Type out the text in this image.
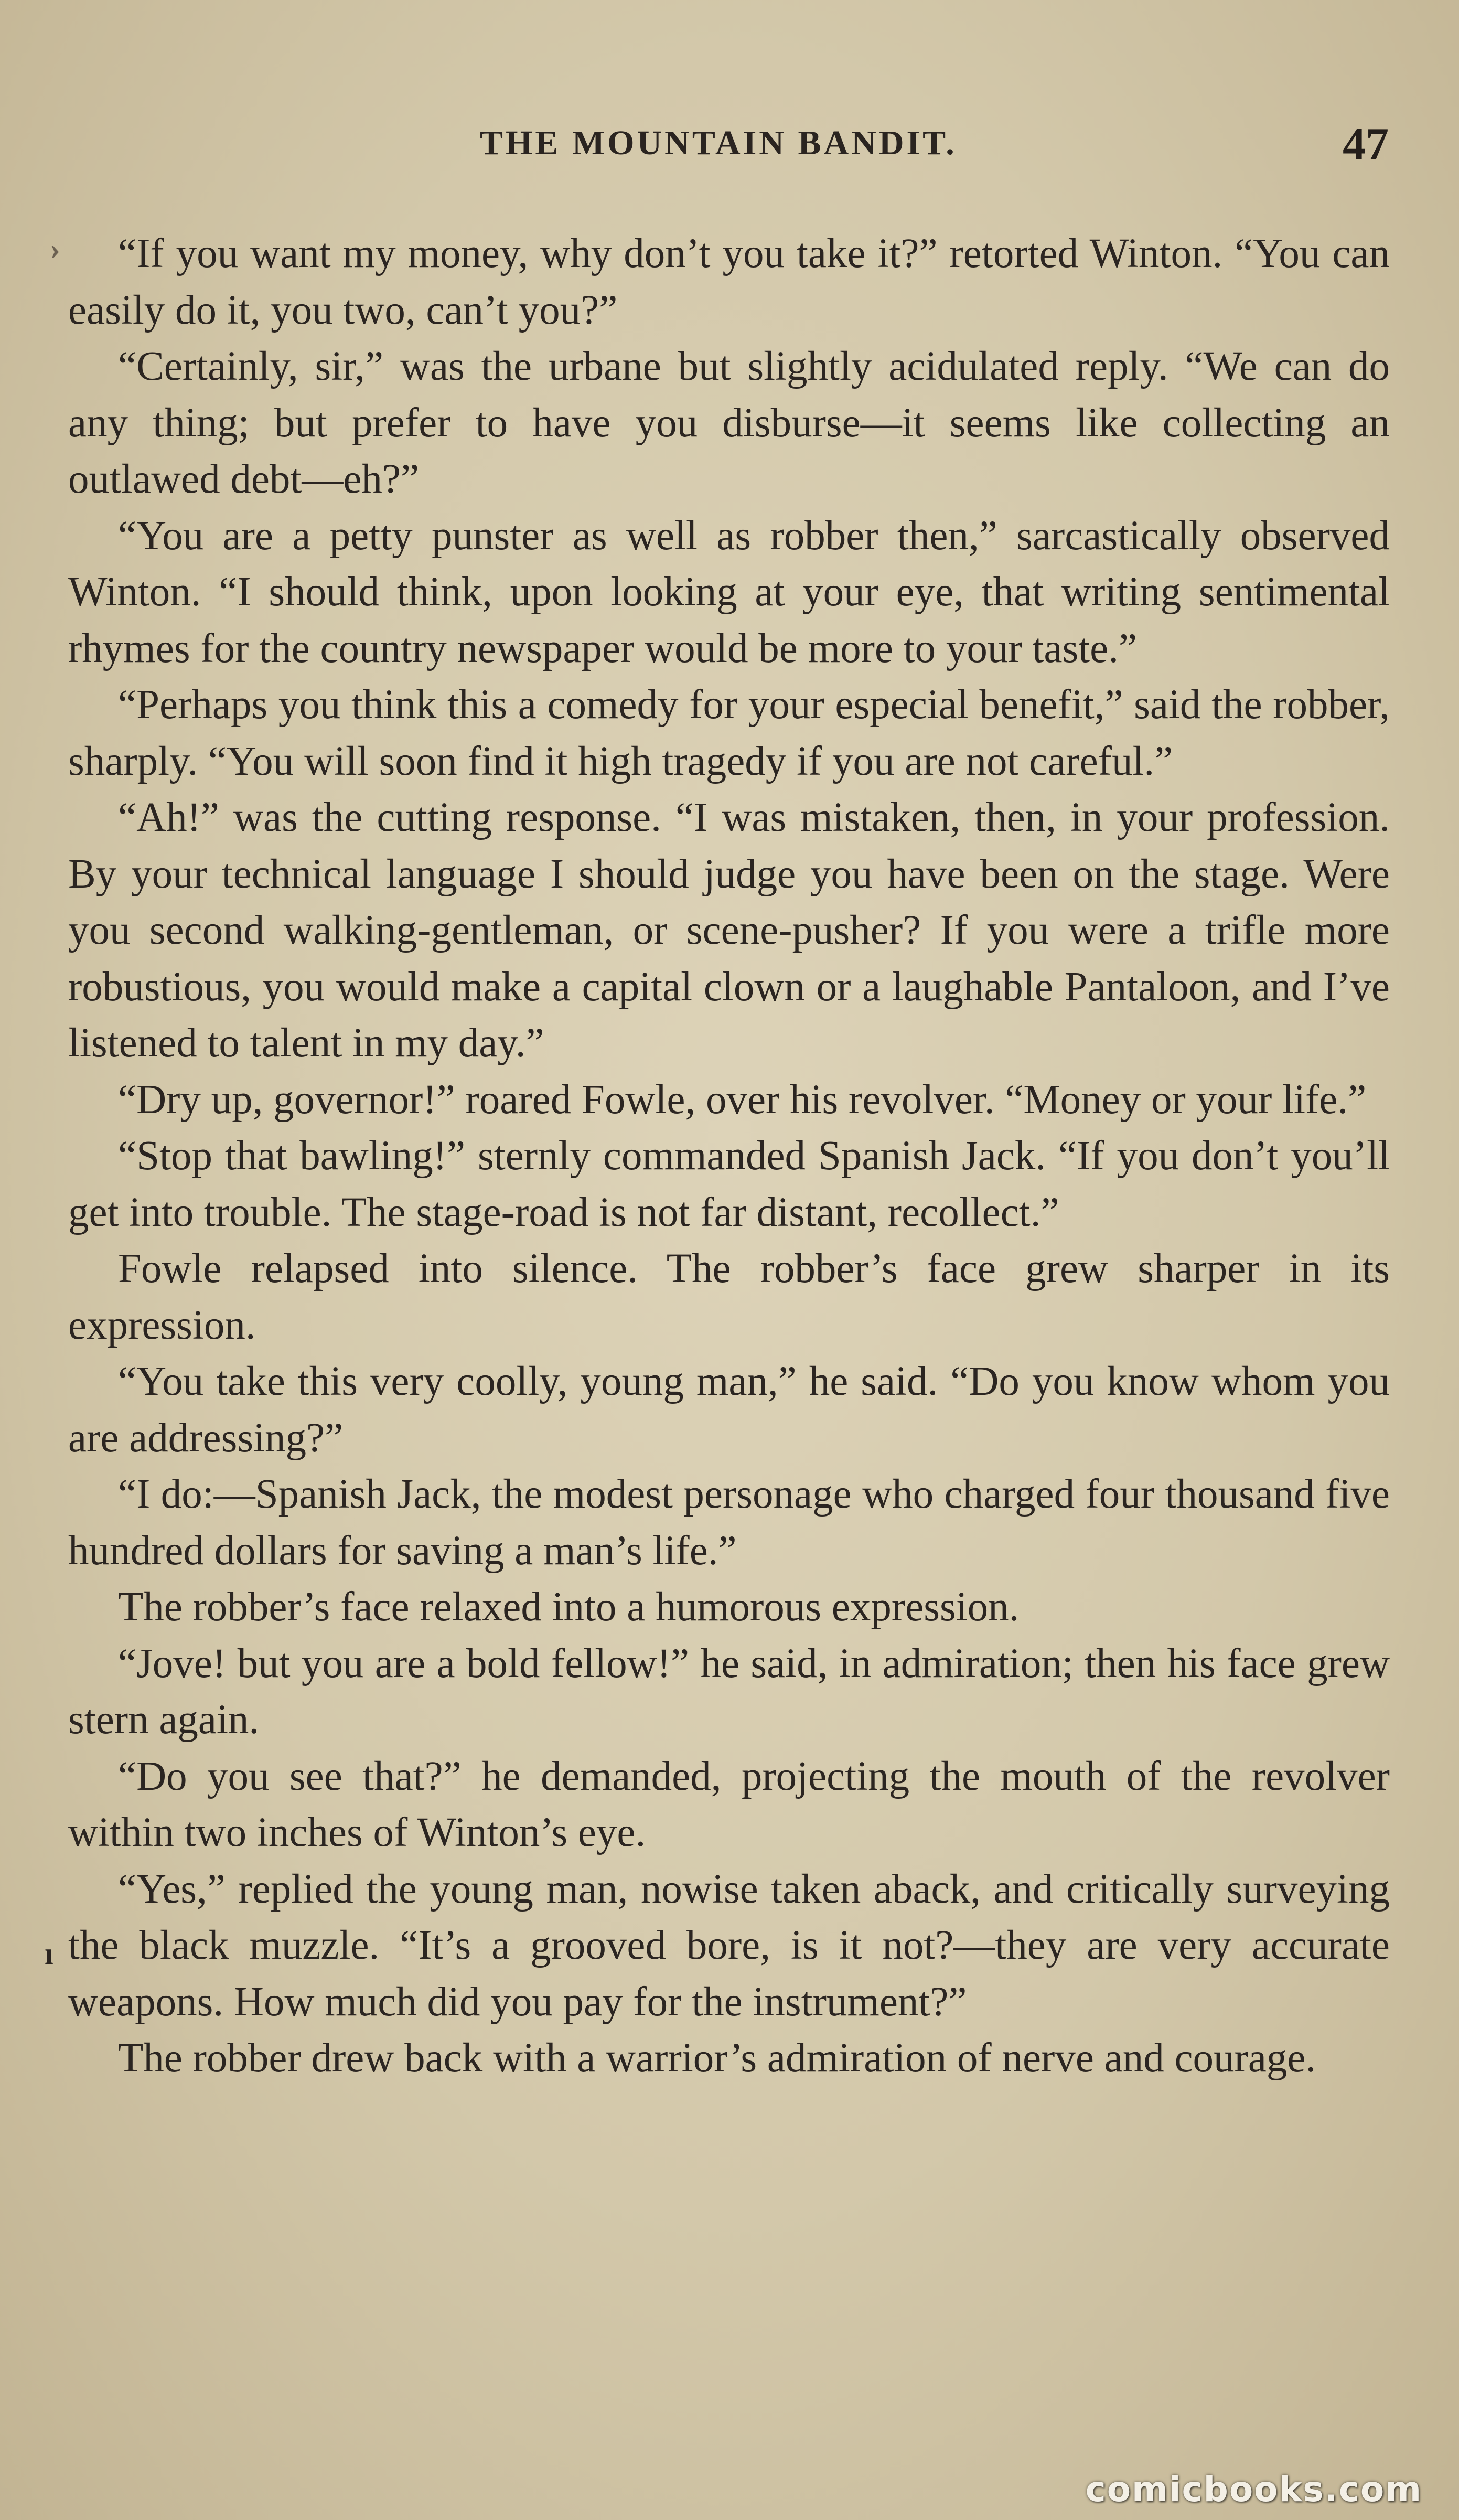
THE MOUNTAIN BANDIT.	47
›
ı

“If you want my money, why don’t you take it?” retorted Winton. “You can easily do it, you two, can’t you?”

“Certainly, sir,” was the urbane but slightly acidulated reply. “We can do any thing; but prefer to have you disburse—it seems like collecting an outlawed debt—eh?”

“You are a petty punster as well as robber then,” sarcastically observed Winton. “I should think, upon looking at your eye, that writing sentimental rhymes for the country newspaper would be more to your taste.”

“Perhaps you think this a comedy for your especial benefit,” said the robber, sharply. “You will soon find it high tragedy if you are not careful.”

“Ah!” was the cutting response. “I was mistaken, then, in your profession. By your technical language I should judge you have been on the stage. Were you second walking-gentleman, or scene-pusher? If you were a trifle more robustious, you would make a capital clown or a laughable Pantaloon, and I’ve listened to talent in my day.”

“Dry up, governor!” roared Fowle, over his revolver. “Money or your life.”

“Stop that bawling!” sternly commanded Spanish Jack. “If you don’t you’ll get into trouble. The stage-road is not far distant, recollect.”

Fowle relapsed into silence. The robber’s face grew sharper in its expression.

“You take this very coolly, young man,” he said. “Do you know whom you are addressing?”

“I do:—Spanish Jack, the modest personage who charged four thousand five hundred dollars for saving a man’s life.”

The robber’s face relaxed into a humorous expression.

“Jove! but you are a bold fellow!” he said, in admiration; then his face grew stern again.

“Do you see that?” he demanded, projecting the mouth of the revolver within two inches of Winton’s eye.

“Yes,” replied the young man, nowise taken aback, and critically surveying the black muzzle. “It’s a grooved bore, is it not?—they are very accurate weapons. How much did you pay for the instrument?”

The robber drew back with a warrior’s admiration of nerve and courage.

comicbooks.com
